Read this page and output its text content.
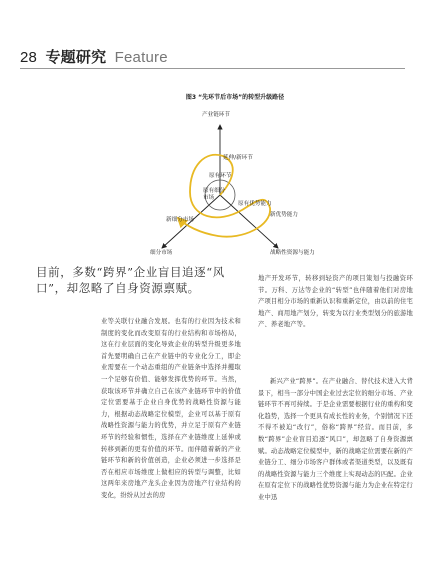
28 专题研究 Feature
图3 “先环节后市场”的转型升级路径
产业链环节
细分市场	战略性资源与能力
延伸/新环节
原有环节
原有细分市场
原有优势能力
新优势能力
新细分市场
目前，多数“跨界”企业盲目追逐“风口”，却忽略了自身资源禀赋。

业等关联行业融合发展。也有的行业因为技术和制度的变化而改变原有的行业结构和市场格局，这在行业层面的变化导致企业的转型升级更多地首先要明确自己在产业链中的专业化分工，即企业需要在一个动态重组的产业链条中选择并攫取一个足够有价值、能够发挥优势的环节。当然，获取该环节并确立自己在该产业链环节中的价值定位需要基于企业自身优势的战略性资源与能力，根据动态战略定位模型，企业可以基于原有战略性资源与能力的优势，并立足于原有产业链环节的经验和惯性，选择在产业链维度上延伸或转移到新的更有价值的环节。而伴随着新的产业链环节和新的价值创造，企业必须进一步选择是否在相应市场维度上做相应的转型与调整，比如这两年来房地产龙头企业因为房地产行业结构的变化，纷纷从过去的房

地产开发环节，转移到轻资产的项目策划与投融资环节。万科、万达等企业的“转型”也伴随着他们对房地产项目相分市场的重新认识和重新定位，由以前的住宅地产、商用地产划分，转变为以行业类型划分的旅游地产、养老地产等。

新兴产业“跨界”。在产业融合、替代技术进入大背景下，相当一部分中国企业过去定位的细分市场、产业链环节不再可持续。于是企业需要根据行业的重构和变化趋势，选择一个更具有成长性的业务，个别情况下还不得不被迫“改行”，俗称“跨界”经营。而目前，多数“跨界”企业盲目追逐“风口”，却忽略了自身资源禀赋。动态战略定位模型中，新的战略定位需要在新的产业链分工、细分市场客户群体或者渠道类型，以及既有的战略性资源与能力三个维度上实现动态的匹配。企业在原有定位下的战略性优势资源与能力为企业在特定行业中迅
